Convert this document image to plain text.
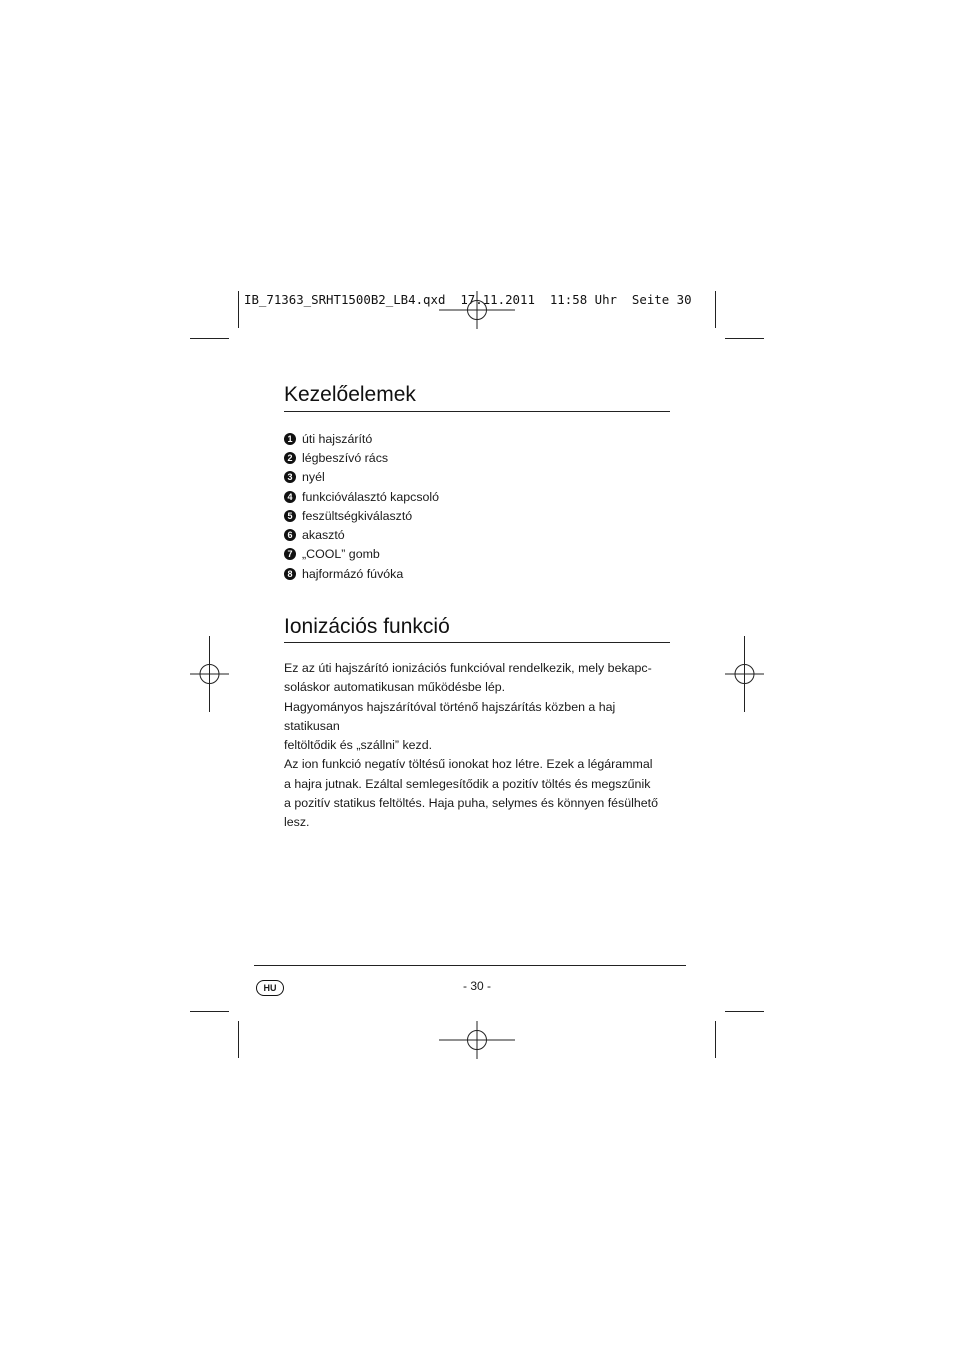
IB_71363_SRHT1500B2_LB4.qxd  17.11.2011  11:58 Uhr  Seite 30
Kezelőelemek
1 úti hajszárító
2 légbeszívó rács
3 nyél
4 funkcióválasztó kapcsoló
5 feszültségkiválasztó
6 akasztó
7 „COOL” gomb
8 hajformázó fúvóka
Ionizációs funkció

Ez az úti hajszárító ionizációs funkcióval rendelkezik, mely bekapc-

soláskor automatikusan működésbe lép.

Hagyományos hajszárítóval történő hajszárítás közben a haj statikusan

feltöltődik és „szállni” kezd.

Az ion funkció negatív töltésű ionokat hoz létre. Ezek a légárammal

a hajra jutnak. Ezáltal semlegesítődik a pozitív töltés és megszűnik

a pozitív statikus feltöltés. Haja puha, selymes és könnyen fésülhető

lesz.

HU	- 30 -
